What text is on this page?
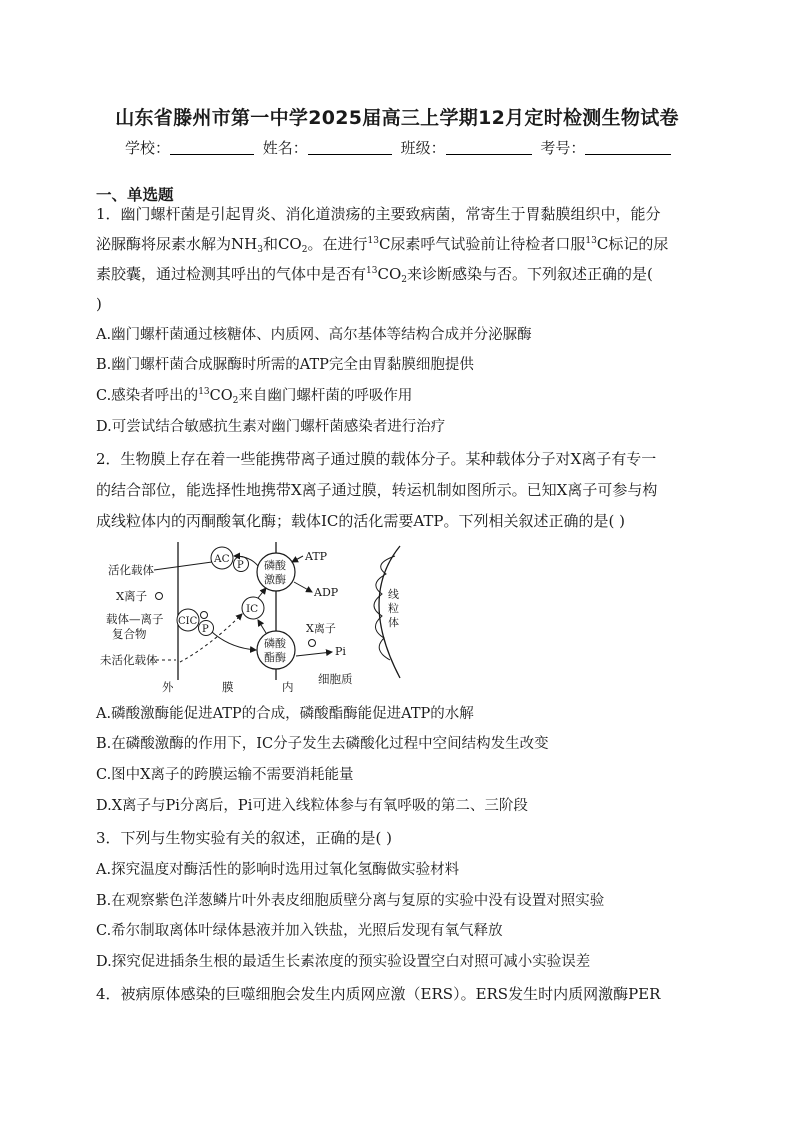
山东省滕州市第一中学2025届高三上学期12月定时检测生物试卷
学校：	姓名：	班级：	考号：
一、单选题
1．幽门螺杆菌是引起胃炎、消化道溃疡的主要致病菌，常寄生于胃黏膜组织中，能分
泌脲酶将尿素水解为$NH_3$和$CO_2$。在进行$^{13}$C尿素呼气试验前让待检者口服$^{13}$C标记的尿
素胶囊，通过检测其呼出的气体中是否有$^{13}CO_2$来诊断感染与否。下列叙述正确的是(
)
A.幽门螺杆菌通过核糖体、内质网、高尔基体等结构合成并分泌脲酶
B.幽门螺杆菌合成脲酶时所需的ATP完全由胃黏膜细胞提供
C.感染者呼出的$^{13}CO_2$来自幽门螺杆菌的呼吸作用
D.可尝试结合敏感抗生素对幽门螺杆菌感染者进行治疗
2．生物膜上存在着一些能携带离子通过膜的载体分子。某种载体分子对X离子有专一
的结合部位，能选择性地携带X离子通过膜，转运机制如图所示。已知X离子可参与构
成线粒体内的丙酮酸氧化酶；载体IC的活化需要ATP。下列相关叙述正确的是( )
活化载体
X离子
载体—离子
复合物
未活化载体
AC
P
CIC
P
IC
磷酸
激酶
磷酸
酯酶
ATP
ADP
X离子
Pi
线
粒
体
外	膜	内
细胞质
A.磷酸激酶能促进ATP的合成，磷酸酯酶能促进ATP的水解
B.在磷酸激酶的作用下，IC分子发生去磷酸化过程中空间结构发生改变
C.图中X离子的跨膜运输不需要消耗能量
D.X离子与Pi分离后，Pi可进入线粒体参与有氧呼吸的第二、三阶段
3．下列与生物实验有关的叙述，正确的是( )
A.探究温度对酶活性的影响时选用过氧化氢酶做实验材料
B.在观察紫色洋葱鳞片叶外表皮细胞质壁分离与复原的实验中没有设置对照实验
C.希尔制取离体叶绿体悬液并加入铁盐，光照后发现有氧气释放
D.探究促进插条生根的最适生长素浓度的预实验设置空白对照可减小实验误差
4．被病原体感染的巨噬细胞会发生内质网应激（ERS）。ERS发生时内质网激酶PER
